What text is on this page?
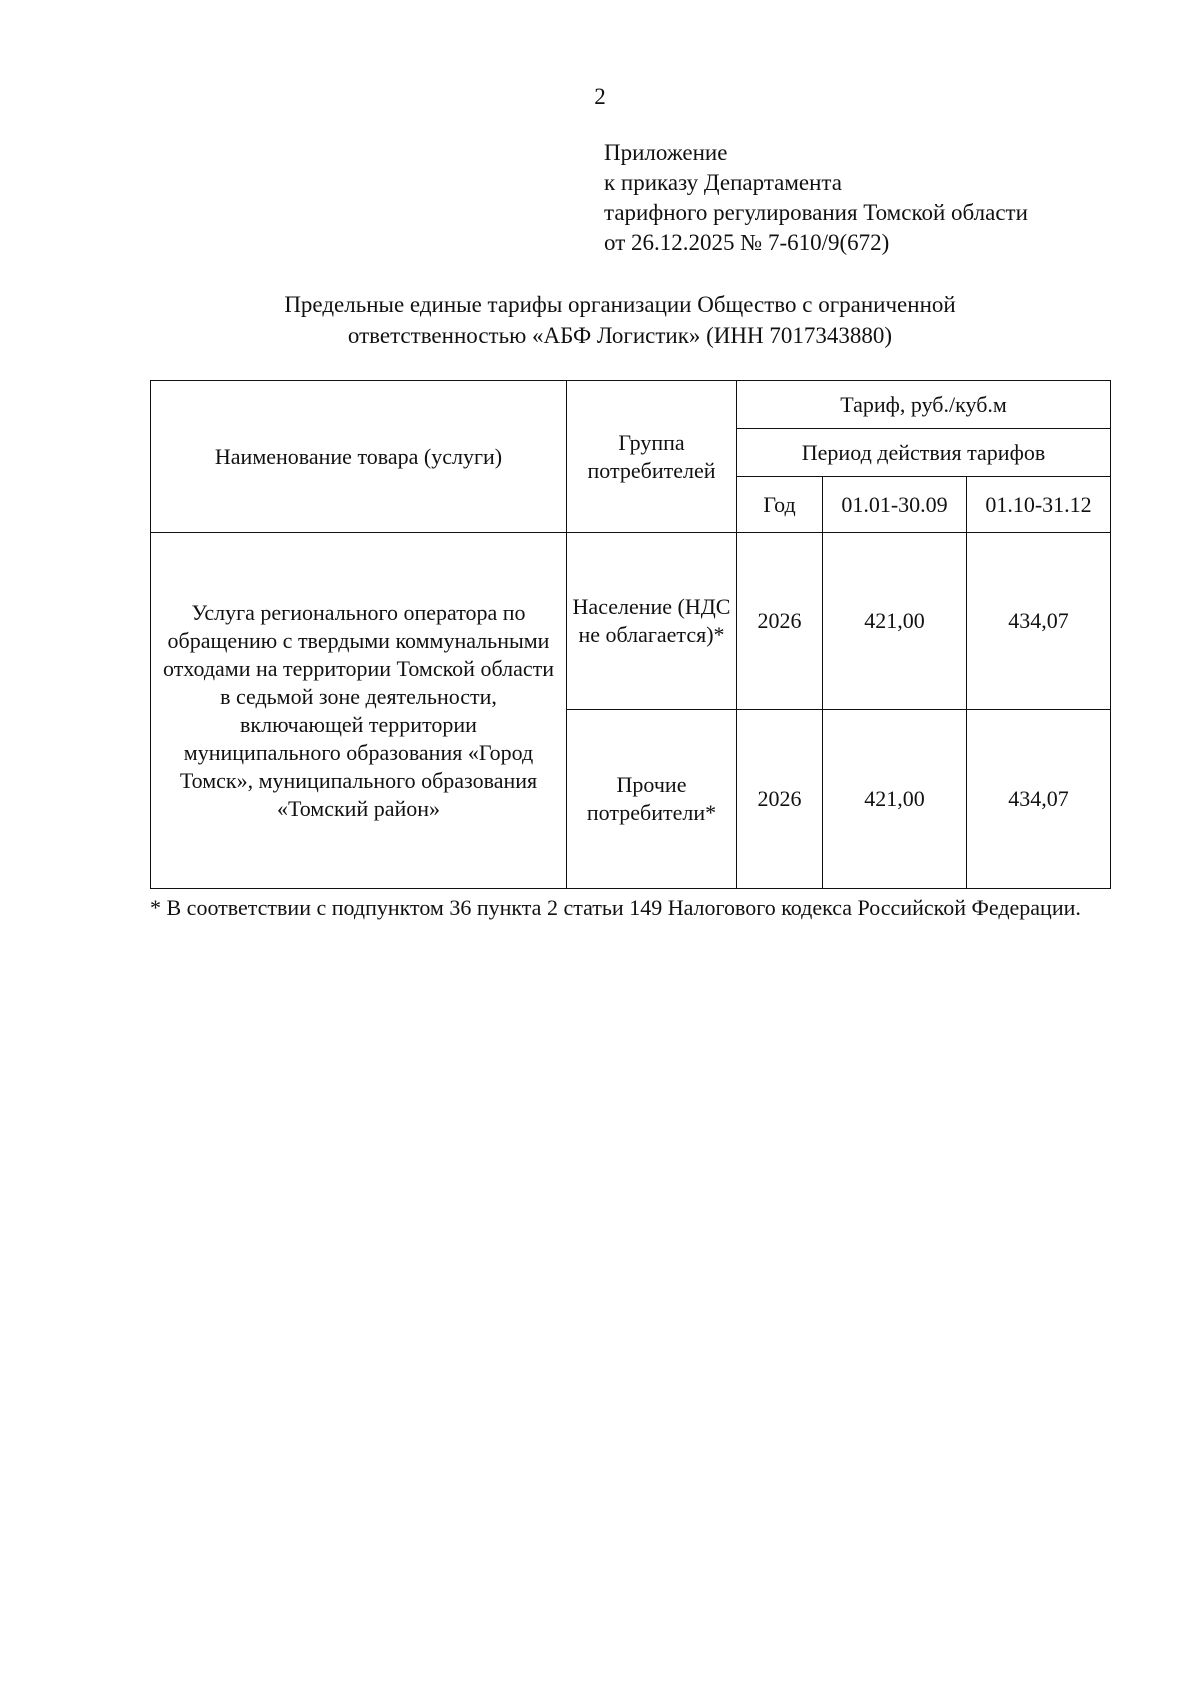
2
Приложение
к приказу Департамента
тарифного регулирования Томской области
от 26.12.2025 № 7-610/9(672)
Предельные единые тарифы организации Общество с ограниченной
ответственностью «АБФ Логистик» (ИНН 7017343880)
Наименование товара (услуги)	Группа потребителей	Тариф, руб./куб.м		
		Период действия тарифов		
		Год	01.01-30.09	01.10-31.12
Услуга регионального оператора по обращению с твердыми коммунальными отходами на территории Томской области в седьмой зоне деятельности, включающей территории муниципального образования «Город Томск», муниципального образования «Томский район»	Население (НДС не облагается)*	2026	421,00	434,07
	Прочие потребители*	2026	421,00	434,07
* В соответствии с подпунктом 36 пункта 2 статьи 149 Налогового кодекса Российской Федерации.
